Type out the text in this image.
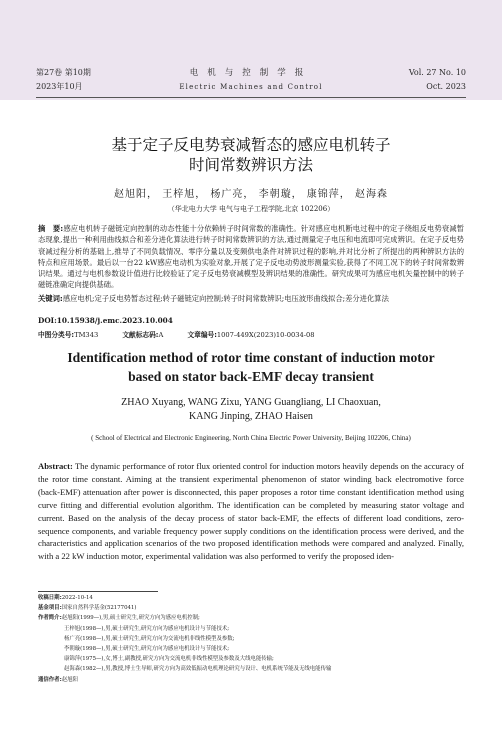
第27卷 第10期
2023年10月
电机与控制学报
Electric Machines and Control
Vol. 27 No. 10
Oct. 2023
基于定子反电势衰减暂态的感应电机转子
时间常数辨识方法
赵旭阳， 王梓旭， 杨广亮， 李朝璇， 康锦萍， 赵海森
（华北电力大学 电气与电子工程学院,北京 102206）
摘　要:感应电机转子磁链定向控制的动态性能十分依赖转子时间常数的准确性。针对感应电机断电过程中的定子绕组反电势衰减暂态现象,提出一种利用曲线拟合和差分进化算法进行转子时间常数辨识的方法,通过测量定子电压和电流即可完成辨识。在定子反电势衰减过程分析的基础上,推导了不同负载情况、零序分量以及变频供电条件对辨识过程的影响,并对比分析了所提出的两种辨识方法的特点和应用场景。最后以一台22 kW感应电动机为实验对象,开展了定子反电动势波形测量实验,获得了不同工况下的转子时间常数辨识结果。通过与电机参数设计值进行比较验证了定子反电势衰减模型及辨识结果的准确性。研究成果可为感应电机矢量控制中的转子磁链准确定向提供基础。
关键词:感应电机;定子反电势暂态过程;转子磁链定向控制;转子时间常数辨识;电压波形曲线拟合;差分进化算法
DOI:10.15938/j.emc.2023.10.004
中图分类号:TM343	文献标志码:A	文章编号:1007-449X(2023)10-0034-08
Identification method of rotor time constant of induction motor
based on stator back-EMF decay transient
ZHAO Xuyang, WANG Zixu, YANG Guangliang, LI Chaoxuan,
KANG Jinping, ZHAO Haisen
( School of Electrical and Electronic Engineering, North China Electric Power University, Beijing 102206, China)
Abstract: The dynamic performance of rotor flux oriented control for induction motors heavily depends on the accuracy of the rotor time constant. Aiming at the transient experimental phenomenon of stator winding back electromotive force (back-EMF) attenuation after power is disconnected, this paper proposes a rotor time constant identification method using curve fitting and differential evolution algorithm. The identification can be completed by measuring stator voltage and current. Based on the analysis of the decay process of stator back-EMF, the effects of different load conditions, zero-sequence components, and variable frequency power supply conditions on the identification process were derived, and the characteristics and application scenarios of the two proposed identification methods were compared and analyzed. Finally, with a 22 kW induction motor, experimental validation was also performed to verify the proposed iden-
收稿日期:2022-10-14
基金项目:国家自然科学基金(52177041)
作者简介:赵旭阳(1999—),男,硕士研究生,研究方向为感应电机控制;
王梓旭(1998—),男,硕士研究生,研究方向为感应电机设计与节能技术;
杨广亮(1998—),男,硕士研究生,研究方向为交流电机非线性模型及参数;
李朝璇(1998—),男,硕士研究生,研究方向为感应电机设计与节能技术;
康锦萍(1975—),女,博士,副教授,研究方向为交流电机非线性模型及参数及大线电能传输;
赵海森(1982—),男,教授,博士生导师,研究方向为高效低振动电机理论研究与设计、电机系统节能及无线电能传输
通信作者:赵旭阳
